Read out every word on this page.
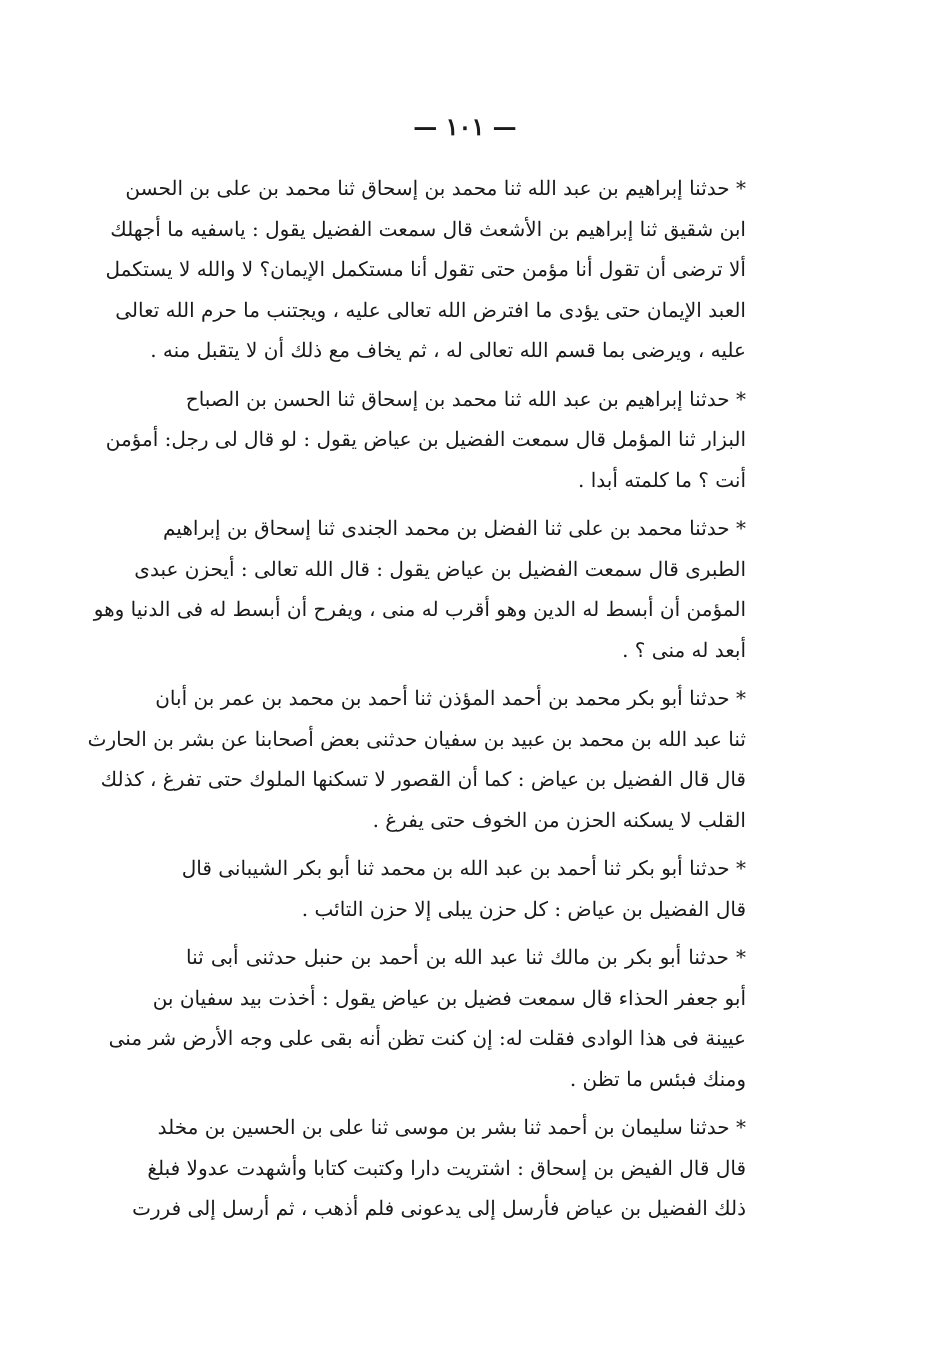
— ١٠١ —
* حدثنا إبراهيم بن عبد الله ثنا محمد بن إسحاق ثنا محمد بن على بن الحسن
ابن شقيق ثنا إبراهيم بن الأشعث قال سمعت الفضيل يقول : ياسفيه ما أجهلك
ألا ترضى أن تقول أنا مؤمن حتى تقول أنا مستكمل الإيمان؟ لا والله لا يستكمل
العبد الإيمان حتى يؤدى ما افترض الله تعالى عليه ، ويجتنب ما حرم الله تعالى
عليه ، ويرضى بما قسم الله تعالى له ، ثم يخاف مع ذلك أن لا يتقبل منه .
* حدثنا إبراهيم بن عبد الله ثنا محمد بن إسحاق ثنا الحسن بن الصباح
البزار ثنا المؤمل قال سمعت الفضيل بن عياض يقول : لو قال لى رجل: أمؤمن
أنت ؟ ما كلمته أبدا .
* حدثنا محمد بن على ثنا الفضل بن محمد الجندى ثنا إسحاق بن إبراهيم
الطبرى قال سمعت الفضيل بن عياض يقول : قال الله تعالى : أيحزن عبدى
المؤمن أن أبسط له الدين وهو أقرب له منى ، ويفرح أن أبسط له فى الدنيا وهو
أبعد له منى ؟ .
* حدثنا أبو بكر محمد بن أحمد المؤذن ثنا أحمد بن محمد بن عمر بن أبان
ثنا عبد الله بن محمد بن عبيد بن سفيان حدثنى بعض أصحابنا عن بشر بن الحارث
قال قال الفضيل بن عياض : كما أن القصور لا تسكنها الملوك حتى تفرغ ، كذلك
القلب لا يسكنه الحزن من الخوف حتى يفرغ .
* حدثنا أبو بكر ثنا أحمد بن عبد الله بن محمد ثنا أبو بكر الشيبانى قال
قال الفضيل بن عياض : كل حزن يبلى إلا حزن التائب .
* حدثنا أبو بكر بن مالك ثنا عبد الله بن أحمد بن حنبل حدثنى أبى ثنا
أبو جعفر الحذاء قال سمعت فضيل بن عياض يقول : أخذت بيد سفيان بن
عيينة فى هذا الوادى فقلت له: إن كنت تظن أنه بقى على وجه الأرض شر منى
ومنك فبئس ما تظن .
* حدثنا سليمان بن أحمد ثنا بشر بن موسى ثنا على بن الحسين بن مخلد
قال قال الفيض بن إسحاق : اشتريت دارا وكتبت كتابا وأشهدت عدولا فبلغ
ذلك الفضيل بن عياض فأرسل إلى يدعونى فلم أذهب ، ثم أرسل إلى فررت
